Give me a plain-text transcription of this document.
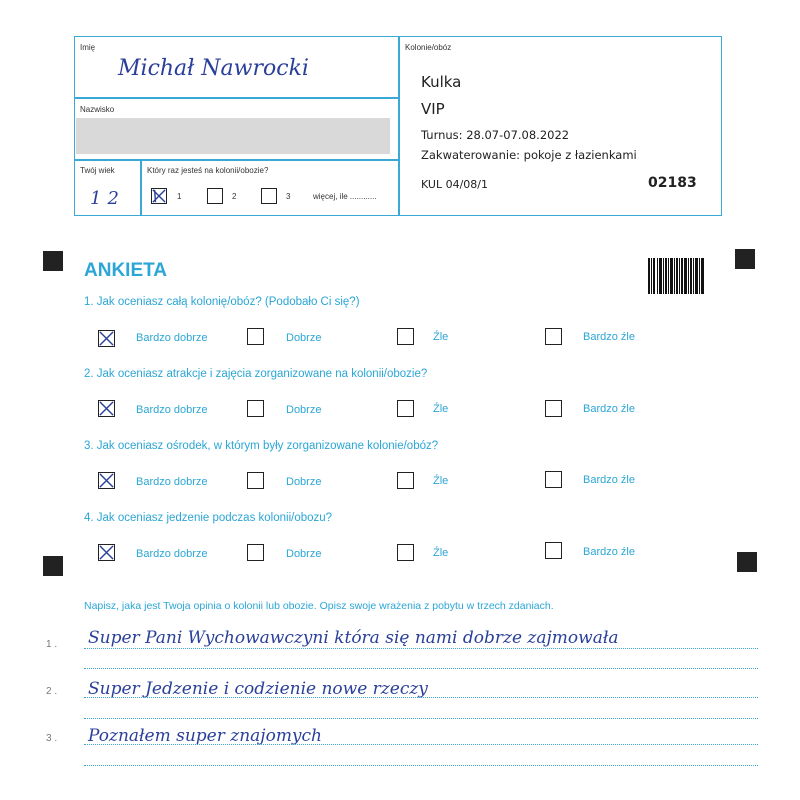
Imię
Michał Nawrocki
Nazwisko
Twój wiek
12
Który raz jesteś na kolonii/obozie?
1	2	3	więcej, ile ............
Kolonie/obóz
Kulka
VIP
Turnus: 28.07-07.08.2022
Zakwaterowanie: pokoje z łazienkami
KUL 04/08/1	02183
ANKIETA
1. Jak oceniasz całą kolonię/obóz? (Podobało Ci się?)
Bardzo dobrze	Dobrze	Źle	Bardzo źle
2. Jak oceniasz atrakcje i zajęcia zorganizowane na kolonii/obozie?
Bardzo dobrze	Dobrze	Źle	Bardzo źle
3. Jak oceniasz ośrodek, w którym były zorganizowane kolonie/obóz?
Bardzo dobrze	Dobrze	Źle	Bardzo źle
4. Jak oceniasz jedzenie podczas kolonii/obozu?
Bardzo dobrze	Dobrze	Źle	Bardzo źle
Napisz, jaka jest Twoja opinia o kolonii lub obozie. Opisz swoje wrażenia z pobytu w trzech zdaniach.
1 . Super Pani Wychowawczyni która się nami dobrze zajmowała
2 . Super Jedzenie i codzienie nowe rzeczy
3 . Poznałem super znajomych
